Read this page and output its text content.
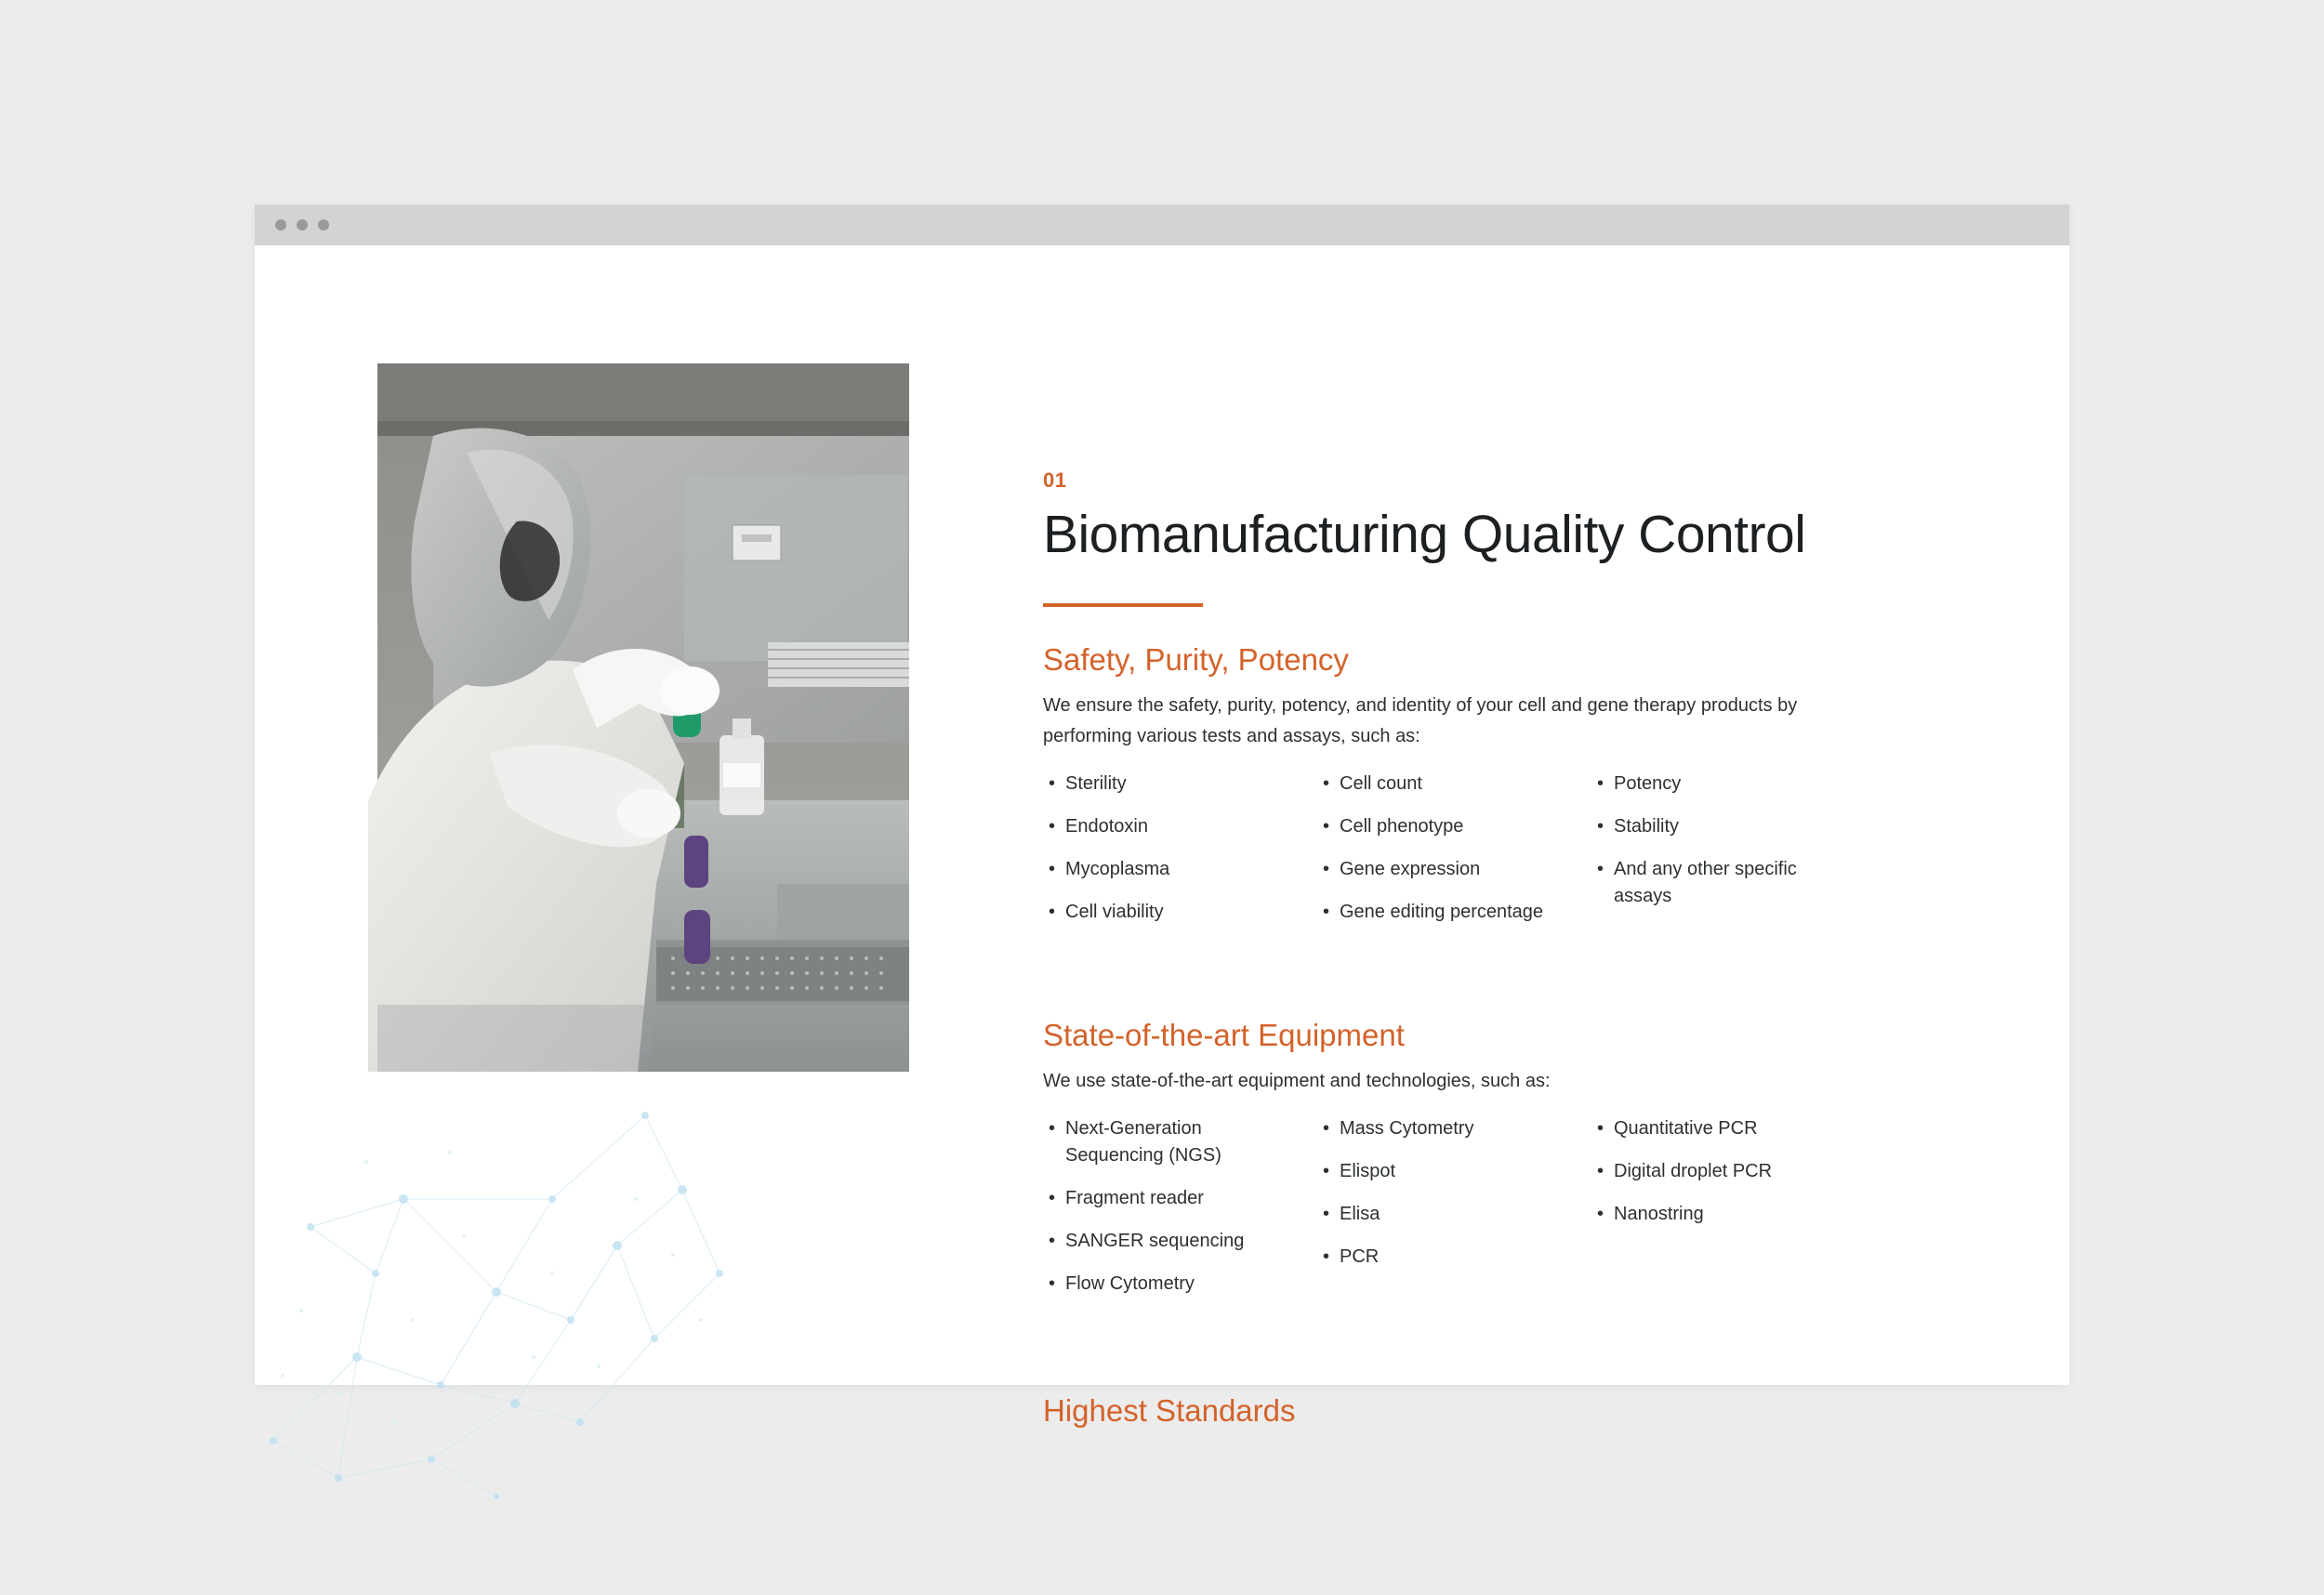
01

Biomanufacturing Quality Control
Safety, Purity, Potency

We ensure the safety, purity, potency, and identity of your cell and gene therapy products by performing various tests and assays, such as:

• Sterility
• Endotoxin
• Mycoplasma
• Cell viability
• Cell count
• Cell phenotype
• Gene expression
• Gene editing percentage
• Potency
• Stability
• And any other specific assays
State-of-the-art Equipment

We use state-of-the-art equipment and technologies, such as:

• Next-Generation Sequencing (NGS)
• Fragment reader
• SANGER sequencing
• Flow Cytometry
• Mass Cytometry
• Elispot
• Elisa
• PCR
• Quantitative PCR
• Digital droplet PCR
• Nanostring
Highest Standards
